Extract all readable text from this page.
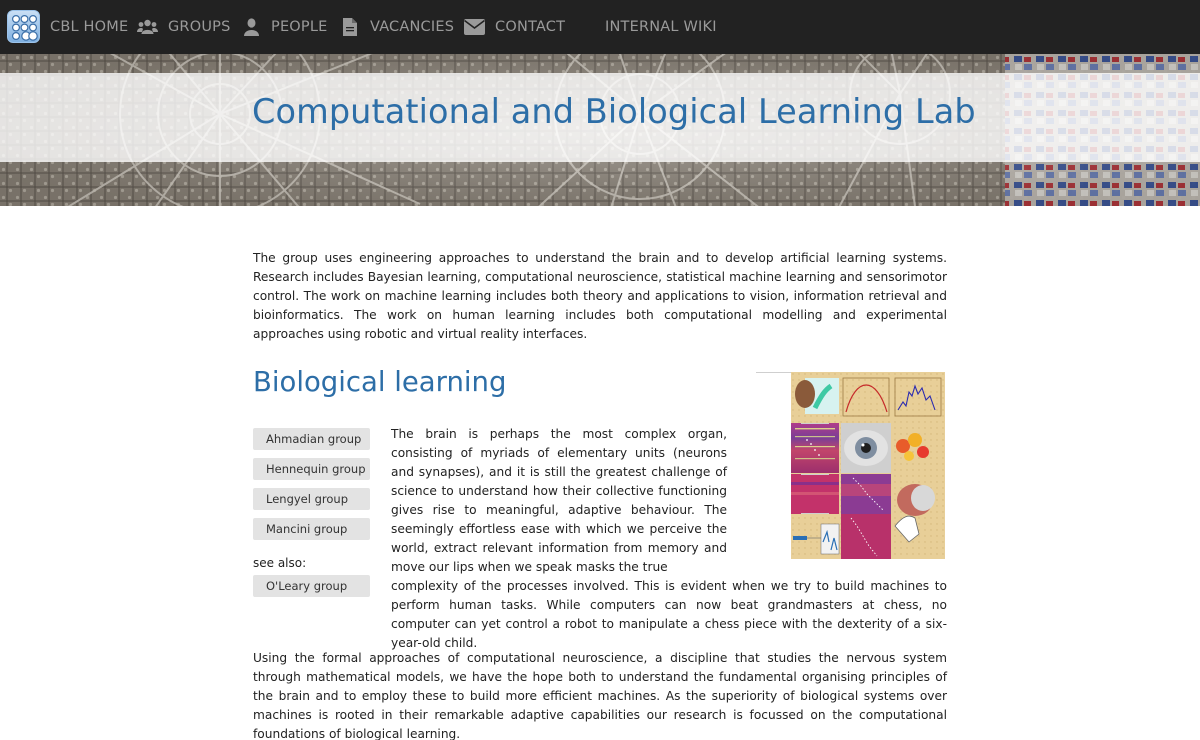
CBL HOME	GROUPS	PEOPLE	VACANCIES	CONTACT	INTERNAL WIKI
Computational and Biological Learning Lab

The group uses engineering approaches to understand the brain and to develop artificial learning systems. Research includes Bayesian learning, computational neuroscience, statistical machine learning and sensorimotor control. The work on machine learning includes both theory and applications to vision, information retrieval and bioinformatics. The work on human learning includes both computational modelling and experimental approaches using robotic and virtual reality interfaces.

Biological learning
Ahmadian group
Hennequin group
Lengyel group
Mancini group
see also:
O'Leary group

The brain is perhaps the most complex organ, consisting of myriads of elementary units (neurons and synapses), and it is still the greatest challenge of science to understand how their collective functioning gives rise to meaningful, adaptive behaviour. The seemingly effortless ease with which we perceive the world, extract relevant information from memory and move our lips when we speak masks the true

complexity of the processes involved. This is evident when we try to build machines to perform human tasks. While computers can now beat grandmasters at chess, no computer can yet control a robot to manipulate a chess piece with the dexterity of a six-year-old child.

Using the formal approaches of computational neuroscience, a discipline that studies the nervous system through mathematical models, we have the hope both to understand the fundamental organising principles of the brain and to employ these to build more efficient machines. As the superiority of biological systems over machines is rooted in their remarkable adaptive capabilities our research is focussed on the computational foundations of biological learning.
